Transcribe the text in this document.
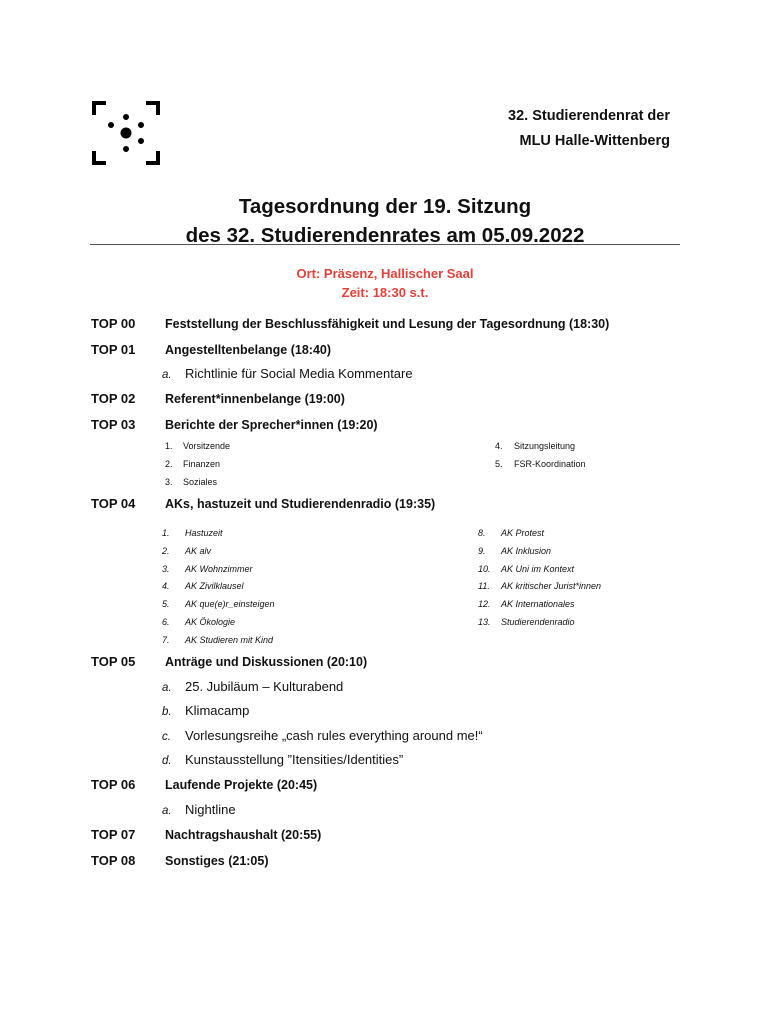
32. Studierendenrat der
MLU Halle-Wittenberg
Tagesordnung der 19. Sitzung
des 32. Studierendenrates am 05.09.2022
Ort: Präsenz, Hallischer Saal
Zeit: 18:30 s.t.
TOP 00 Feststellung der Beschlussfähigkeit und Lesung der Tagesordnung (18:30)
TOP 01 Angestelltenbelange (18:40)
a. Richtlinie für Social Media Kommentare
TOP 02 Referent*innenbelange (19:00)
TOP 03 Berichte der Sprecher*innen (19:20)
1. Vorsitzende
2. Finanzen
3. Soziales
4. Sitzungsleitung
5. FSR-Koordination
TOP 04 AKs, hastuzeit und Studierendenradio (19:35)
1. Hastuzeit
2. AK alv
3. AK Wohnzimmer
4. AK Zivilklausel
5. AK que(e)r_einsteigen
6. AK Ökologie
7. AK Studieren mit Kind
8. AK Protest
9. AK Inklusion
10. AK Uni im Kontext
11. AK kritischer Jurist*innen
12. AK Internationales
13. Studierendenradio
TOP 05 Anträge und Diskussionen (20:10)
a. 25. Jubiläum – Kulturabend
b. Klimacamp
c. Vorlesungsreihe „cash rules everything around me!“
d. Kunstausstellung ”Itensities/Identities”
TOP 06 Laufende Projekte (20:45)
a. Nightline
TOP 07 Nachtragshaushalt (20:55)
TOP 08 Sonstiges (21:05)
